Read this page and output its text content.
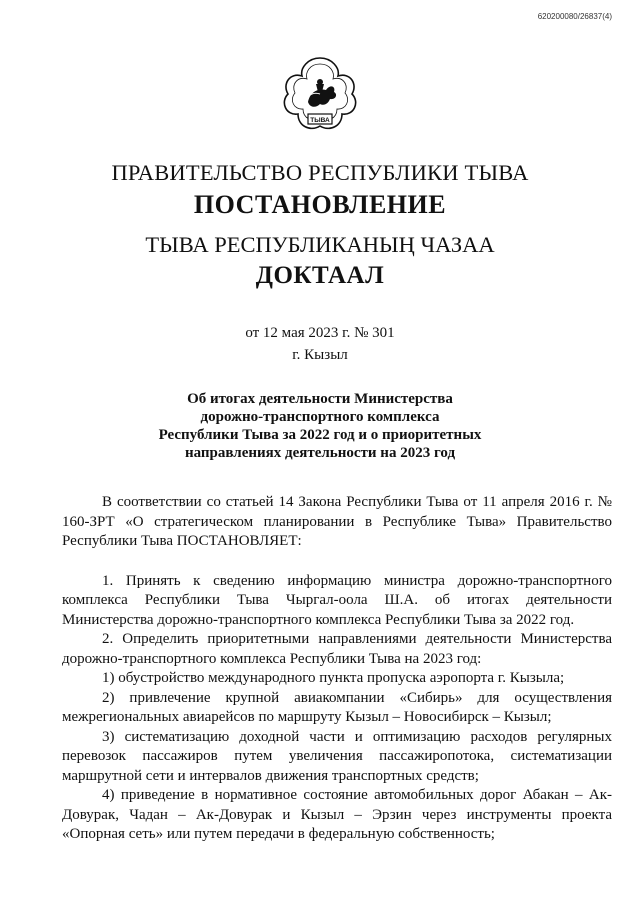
620200080/26837(4)
ТЫВА
ПРАВИТЕЛЬСТВО РЕСПУБЛИКИ ТЫВА
ПОСТАНОВЛЕНИЕ
ТЫВА РЕСПУБЛИКАНЫҢ ЧАЗАА
ДОКТААЛ
от 12 мая 2023 г. № 301
г. Кызыл
Об итогах деятельности Министерства
дорожно-транспортного комплекса
Республики Тыва за 2022 год и о приоритетных
направлениях деятельности на 2023 год

В соответствии со статьей 14 Закона Республики Тыва от 11 апреля 2016 г. № 160-ЗРТ «О стратегическом планировании в Республике Тыва» Правительство Республики Тыва ПОСТАНОВЛЯЕТ:

1. Принять к сведению информацию министра дорожно-транспортного комплекса Республики Тыва Чыргал-оола Ш.А. об итогах деятельности Министерства дорожно-транспортного комплекса Республики Тыва за 2022 год.

2. Определить приоритетными направлениями деятельности Министерства дорожно-транспортного комплекса Республики Тыва на 2023 год:

1) обустройство международного пункта пропуска аэропорта г. Кызыла;

2) привлечение крупной авиакомпании «Сибирь» для осуществления межрегиональных авиарейсов по маршруту Кызыл – Новосибирск – Кызыл;

3) систематизацию доходной части и оптимизацию расходов регулярных перевозок пассажиров путем увеличения пассажиропотока, систематизации маршрутной сети и интервалов движения транспортных средств;

4) приведение в нормативное состояние автомобильных дорог Абакан – Ак-Довурак, Чадан – Ак-Довурак и Кызыл – Эрзин через инструменты проекта «Опорная сеть» или путем передачи в федеральную собственность;
